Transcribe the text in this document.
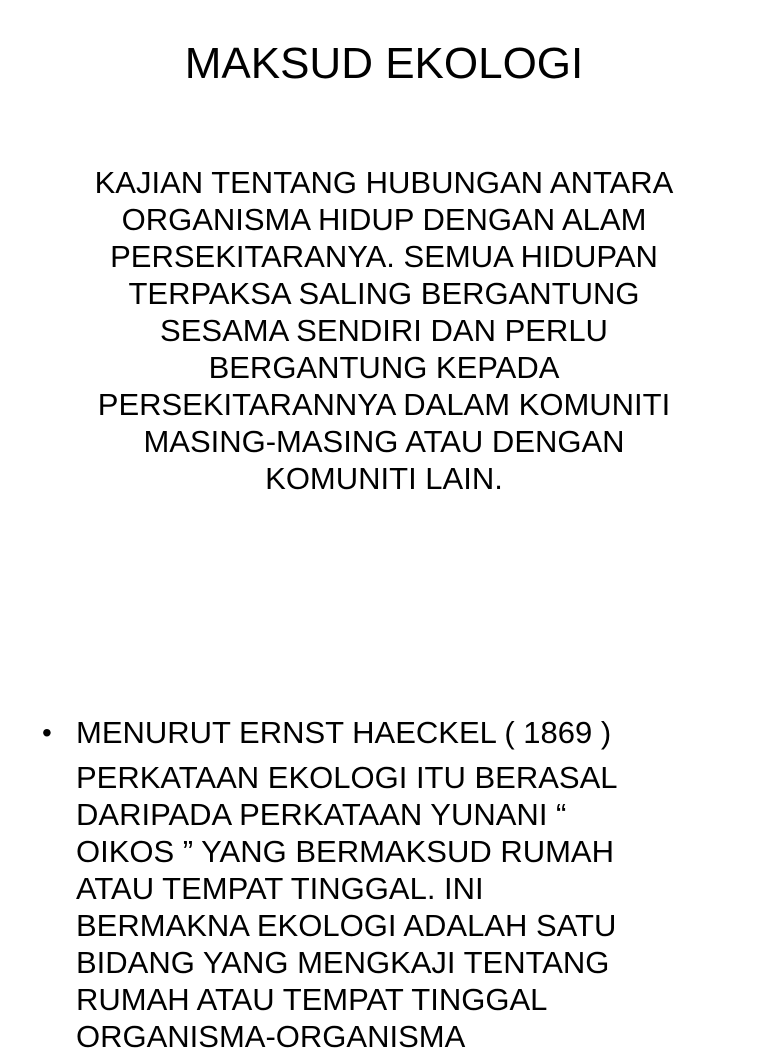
MAKSUD EKOLOGI
KAJIAN TENTANG HUBUNGAN ANTARA
ORGANISMA HIDUP DENGAN ALAM
PERSEKITARANYA. SEMUA HIDUPAN
TERPAKSA SALING BERGANTUNG
SESAMA SENDIRI DAN PERLU
BERGANTUNG KEPADA
PERSEKITARANNYA DALAM KOMUNITI
MASING-MASING ATAU DENGAN
KOMUNITI LAIN.
• MENURUT ERNST HAECKEL ( 1869 )
PERKATAAN EKOLOGI ITU BERASAL
DARIPADA PERKATAAN YUNANI “
OIKOS ” YANG BERMAKSUD RUMAH
ATAU TEMPAT TINGGAL. INI
BERMAKNA EKOLOGI ADALAH SATU
BIDANG YANG MENGKAJI TENTANG
RUMAH ATAU TEMPAT TINGGAL
ORGANISMA-ORGANISMA
